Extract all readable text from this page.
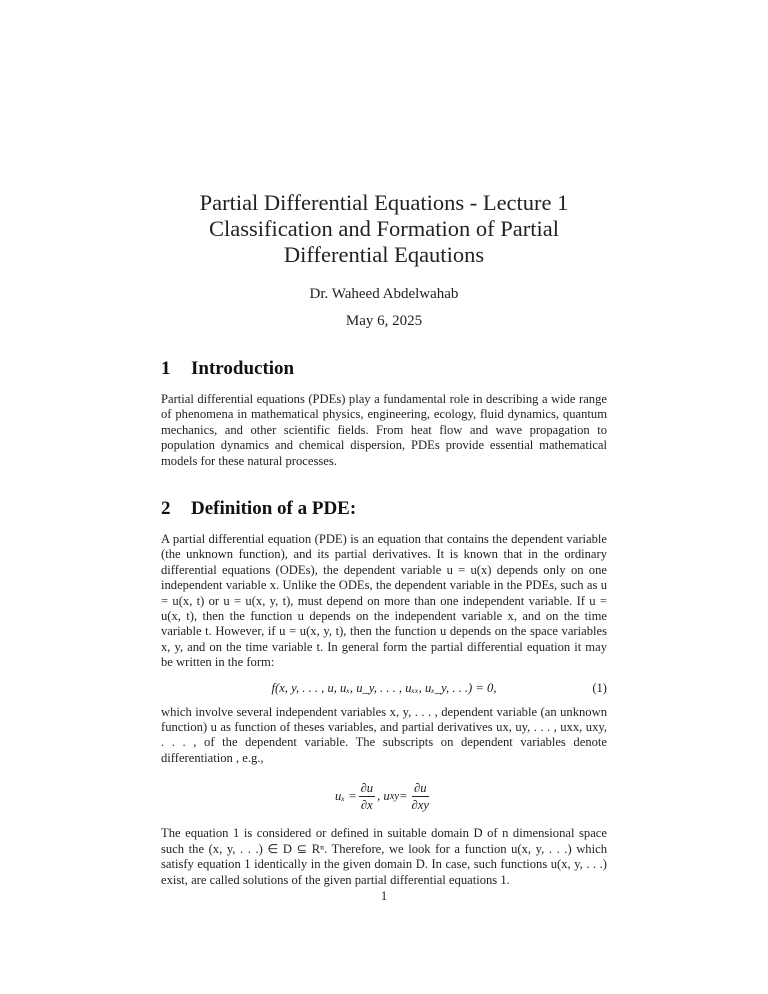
Partial Differential Equations - Lecture 1
Classification and Formation of Partial
Differential Eqautions
Dr. Waheed Abdelwahab
May 6, 2025
1 Introduction

Partial differential equations (PDEs) play a fundamental role in describing a wide range of phenomena in mathematical physics, engineering, ecology, fluid dynamics, quantum mechanics, and other scientific fields. From heat flow and wave propagation to population dynamics and chemical dispersion, PDEs provide essential mathematical models for these natural processes.

2 Definition of a PDE:

A partial differential equation (PDE) is an equation that contains the dependent variable (the unknown function), and its partial derivatives. It is known that in the ordinary differential equations (ODEs), the dependent variable u = u(x) depends only on one independent variable x. Unlike the ODEs, the dependent variable in the PDEs, such as u = u(x, t) or u = u(x, y, t), must depend on more than one independent variable. If u = u(x, t), then the function u depends on the independent variable x, and on the time variable t. However, if u = u(x, y, t), then the function u depends on the space variables x, y, and on the time variable t. In general form the partial differential equation it may be written in the form:

f(x, y, . . . , u, uₓ, u_y, . . . , uₓₓ, uₓ_y, . . .) = 0,	(1)

which involve several independent variables x, y, . . . , dependent variable (an unknown function) u as function of theses variables, and partial derivatives ux, uy, . . . , uxx, uxy, . . . , of the dependent variable. The subscripts on dependent variables denote differentiation , e.g.,

$u_x = \frac{\partial u}{\partial x}$ , u xy = $\frac{\partial u}{\partial xy}$

The equation 1 is considered or defined in suitable domain D of n dimensional space such the (x, y, . . .) ∈ D ⊆ Rⁿ. Therefore, we look for a function u(x, y, . . .) which satisfy equation 1 identically in the given domain D. In case, such functions u(x, y, . . .) exist, are called solutions of the given partial differential equations 1.

1
